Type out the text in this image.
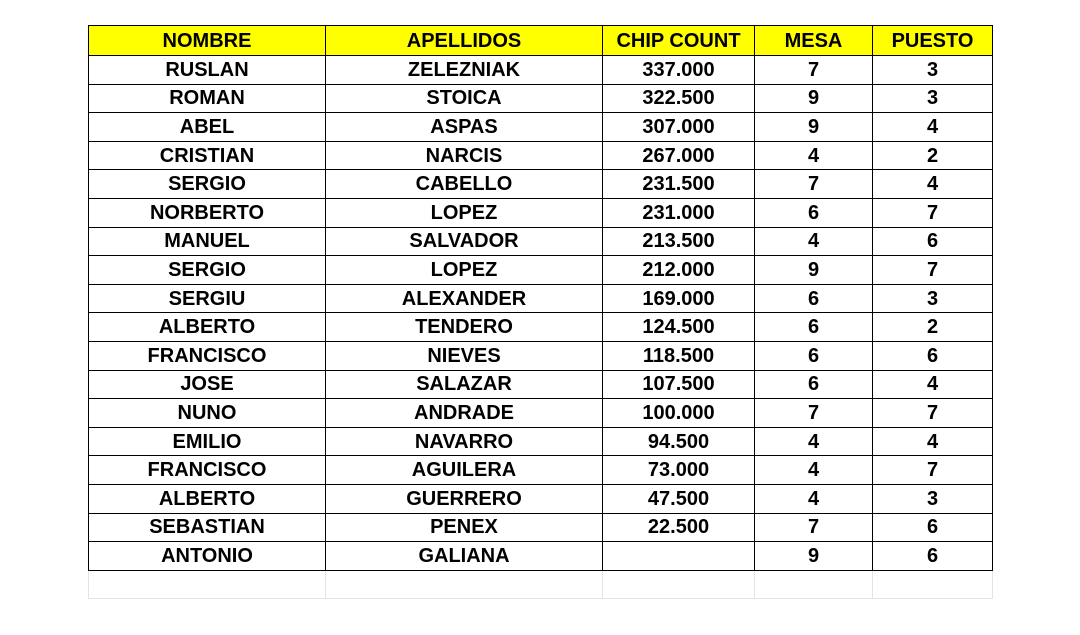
NOMBRE	APELLIDOS	CHIP COUNT	MESA	PUESTO
RUSLAN	ZELEZNIAK	337.000	7	3
ROMAN	STOICA	322.500	9	3
ABEL	ASPAS	307.000	9	4
CRISTIAN	NARCIS	267.000	4	2
SERGIO	CABELLO	231.500	7	4
NORBERTO	LOPEZ	231.000	6	7
MANUEL	SALVADOR	213.500	4	6
SERGIO	LOPEZ	212.000	9	7
SERGIU	ALEXANDER	169.000	6	3
ALBERTO	TENDERO	124.500	6	2
FRANCISCO	NIEVES	118.500	6	6
JOSE	SALAZAR	107.500	6	4
NUNO	ANDRADE	100.000	7	7
EMILIO	NAVARRO	94.500	4	4
FRANCISCO	AGUILERA	73.000	4	7
ALBERTO	GUERRERO	47.500	4	3
SEBASTIAN	PENEX	22.500	7	6
ANTONIO	GALIANA		9	6
